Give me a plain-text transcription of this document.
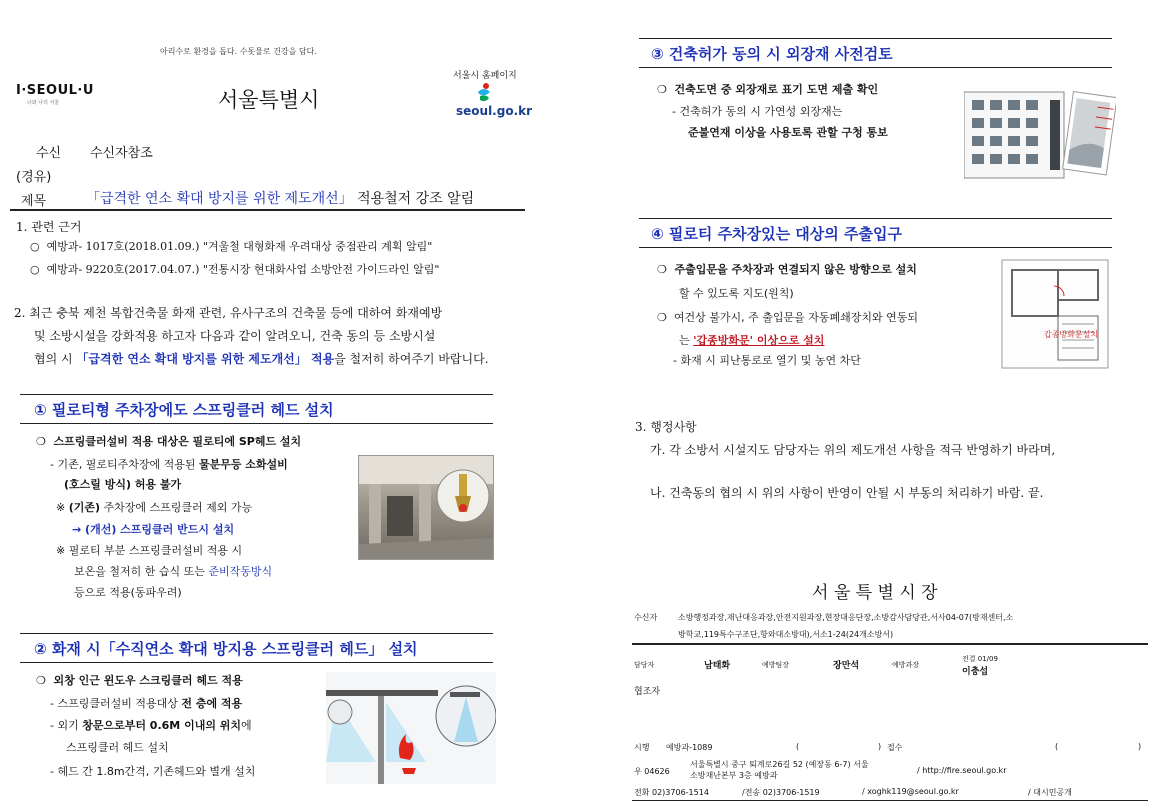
아리수로 환경을 돕다. 수돗물로 건강을 담다.
I·SEOUL·U
너와 나의 서울	서울특별시
서울시 홈페이지
seoul.go.kr
수신 수신자참조
(경유)
제목	「급격한 연소 확대 방지를 위한 제도개선」 적용철저 강조 알림
1. 관련 근거
○  예방과- 1017호(2018.01.09.) "겨울철 대형화재 우려대상 중점관리 계획 알림"
○  예방과- 9220호(2017.04.07.) "전통시장 현대화사업 소방안전 가이드라인 알림"
2. 최근 충북 제천 복합건축물 화재 관련, 유사구조의 건축물 등에 대하여 화재예방
및 소방시설을 강화적용 하고자 다음과 같이 알려오니, 건축 동의 등 소방시설
협의 시 「급격한 연소 확대 방지를 위한 제도개선」 적용을 철저히 하여주기 바랍니다.
① 필로티형 주차장에도 스프링클러 헤드 설치
❍  스프링클러설비 적용 대상은 필로티에 SP헤드 설치
- 기존, 필로티주차장에 적용된 물분무등 소화설비
(호스릴 방식) 허용 불가
※ (기존) 주차장에 스프링클러 제외 가능
→ (개선) 스프링클러 반드시 설치
※ 필로티 부분 스프링클러설비 적용 시
보온을 철저히 한 습식 또는 준비작동방식
등으로 적용(동파우려)
② 화재 시「수직연소 확대 방지용 스프링클러 헤드」 설치
❍  외창 인근 윈도우 스크링클러 헤드 적용
- 스프링클러설비 적용대상 전 층에 적용
- 외기 창문으로부터 0.6M 이내의 위치에
스프링클러 헤드 설치
- 헤드 간 1.8m간격, 기존헤드와 별개 설치
③ 건축허가 동의 시 외장재 사전검토
❍  건축도면 중 외장재로 표기 도면 제출 확인
- 건축허가 동의 시 가연성 외장재는
준불연재 이상을 사용토록 관할 구청 통보
④ 필로티 주차장있는 대상의 주출입구
❍  주출입문을 주차장과 연결되지 않은 방향으로 설치
할 수 있도록 지도(원칙)
❍  여건상 불가시, 주 출입문을 자동폐쇄장치와 연동되
는 '갑종방화문' 이상으로 설치
- 화재 시 피난통로로 열기 및 농연 차단
갑종방화문설치
3. 행정사항
가. 각 소방서 시설지도 담당자는 위의 제도개선 사항을 적극 반영하기 바라며,
나. 건축동의 협의 시 위의 사항이 반영이 안될 시 부동의 처리하기 바람. 끝.
서 울 특 별 시 장
수신자	소방행정과장,재난대응과장,안전지원과장,현장대응단장,소방감사담당관,서사04-07(방재센터,소
방학교,119특수구조단,항와대소방대),서소1-24(24개소방서)
담당자	남태화	예방팀장	장만석	예방과장
전결 01/09
이충섭
협조자
시행 예방과-1089	(	) 접수	(	)
우 04626
서울특별시 중구 퇴계로26길 52 (예장동 6-7) 서울
소방재난본부 3층 예방과
/ http://fire.seoul.go.kr
전화 02)3706-1514	/전송 02)3706-1519	/ xoghk119@seoul.go.kr	/ 대시민공개
